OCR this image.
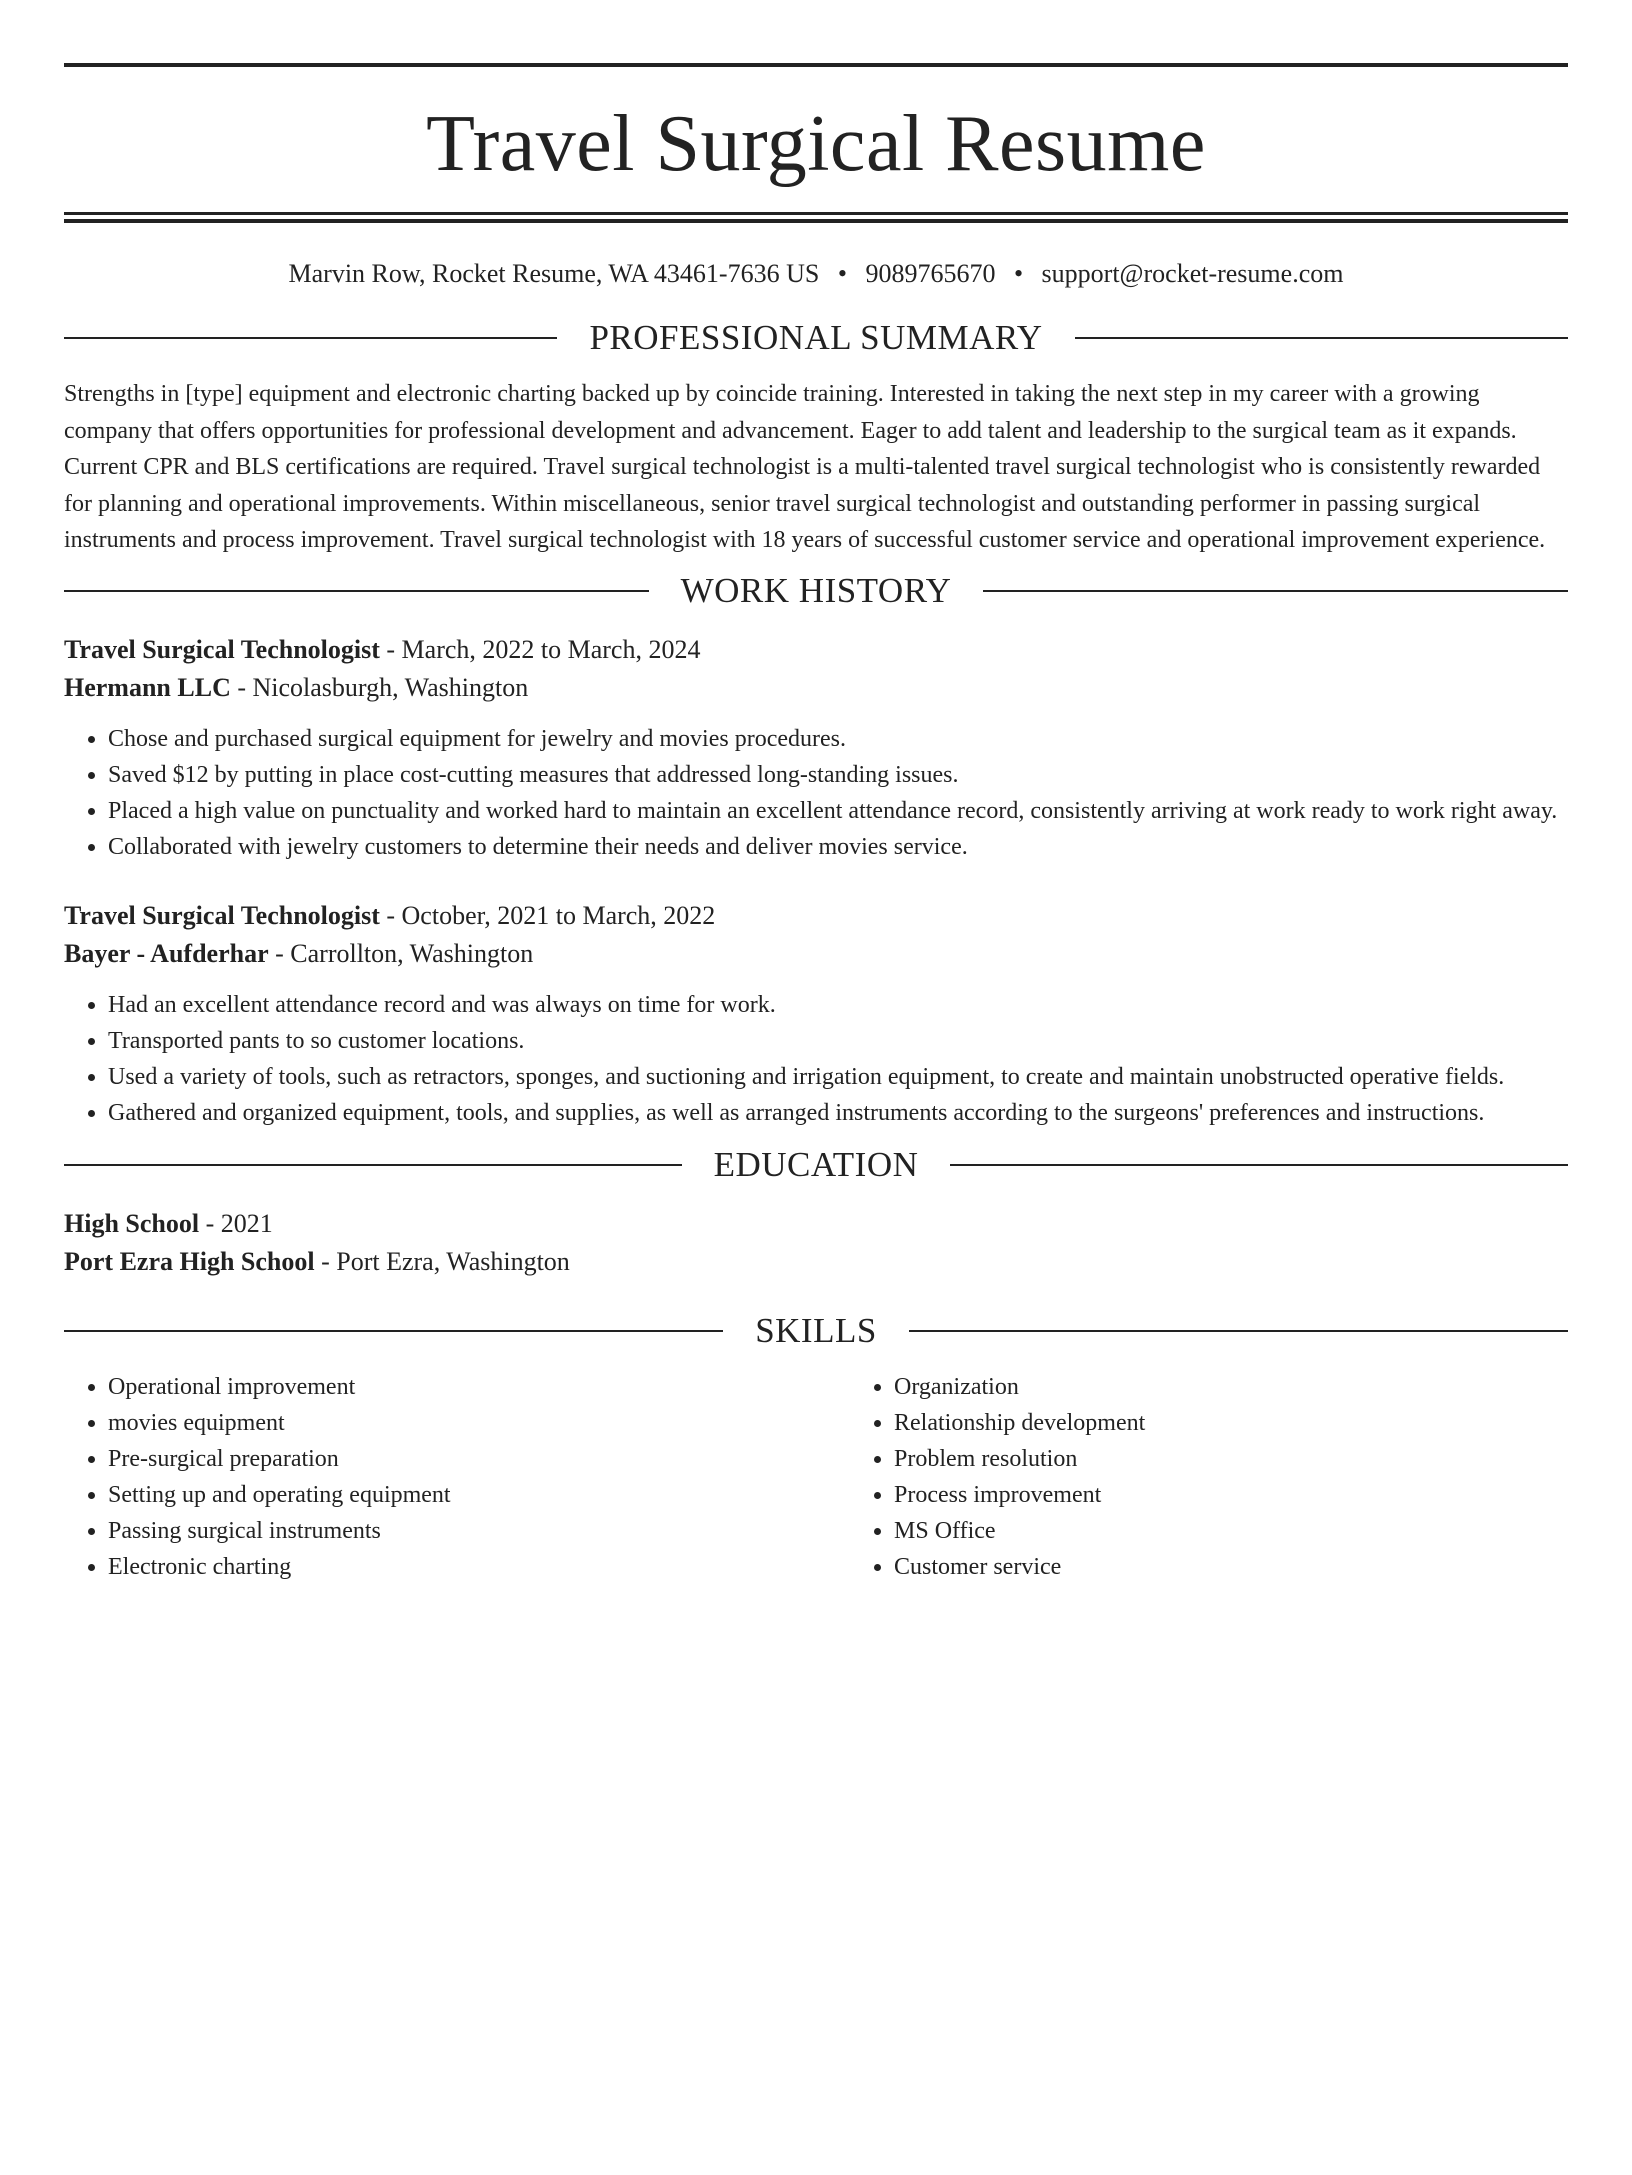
Travel Surgical Resume
Marvin Row, Rocket Resume, WA 43461-7636 US • 9089765670 • support@rocket-resume.com
PROFESSIONAL SUMMARY
Strengths in [type] equipment and electronic charting backed up by coincide training. Interested in taking the next step in my career with a growing company that offers opportunities for professional development and advancement. Eager to add talent and leadership to the surgical team as it expands. Current CPR and BLS certifications are required. Travel surgical technologist is a multi-talented travel surgical technologist who is consistently rewarded for planning and operational improvements. Within miscellaneous, senior travel surgical technologist and outstanding performer in passing surgical instruments and process improvement. Travel surgical technologist with 18 years of successful customer service and operational improvement experience.
WORK HISTORY
Travel Surgical Technologist - March, 2022 to March, 2024
Hermann LLC - Nicolasburgh, Washington
• Chose and purchased surgical equipment for jewelry and movies procedures.
• Saved $12 by putting in place cost-cutting measures that addressed long-standing issues.
• Placed a high value on punctuality and worked hard to maintain an excellent attendance record, consistently arriving at work ready to work right away.
• Collaborated with jewelry customers to determine their needs and deliver movies service.
Travel Surgical Technologist - October, 2021 to March, 2022
Bayer - Aufderhar - Carrollton, Washington
• Had an excellent attendance record and was always on time for work.
• Transported pants to so customer locations.
• Used a variety of tools, such as retractors, sponges, and suctioning and irrigation equipment, to create and maintain unobstructed operative fields.
• Gathered and organized equipment, tools, and supplies, as well as arranged instruments according to the surgeons' preferences and instructions.
EDUCATION
High School - 2021
Port Ezra High School - Port Ezra, Washington
SKILLS
• Operational improvement
• movies equipment
• Pre-surgical preparation
• Setting up and operating equipment
• Passing surgical instruments
• Electronic charting
• Organization
• Relationship development
• Problem resolution
• Process improvement
• MS Office
• Customer service
